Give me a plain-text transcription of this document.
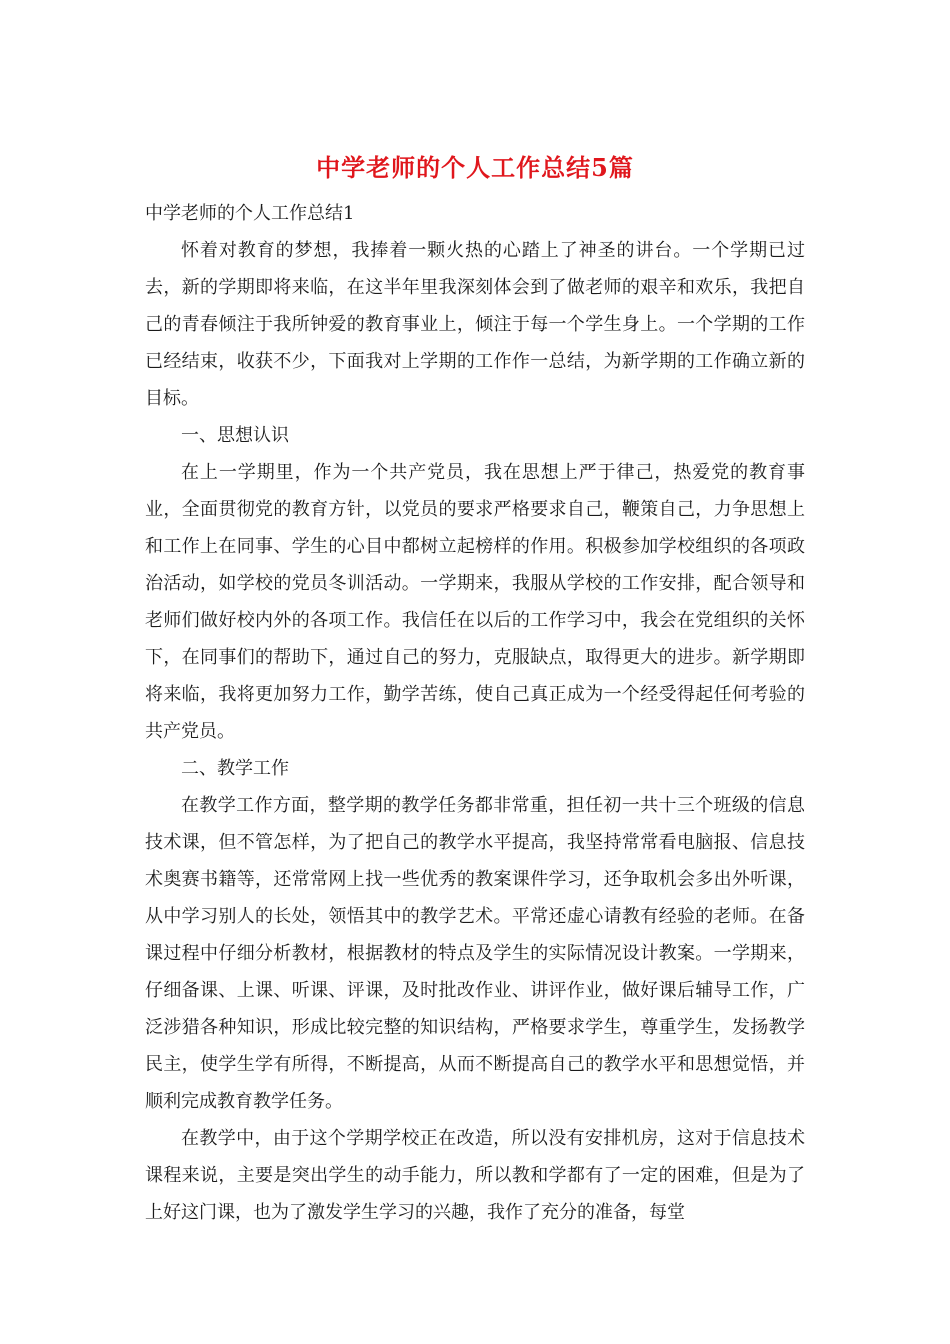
中学老师的个人工作总结5篇

中学老师的个人工作总结1

怀着对教育的梦想，我捧着一颗火热的心踏上了神圣的讲台。一个学期已过去，新的学期即将来临，在这半年里我深刻体会到了做老师的艰辛和欢乐，我把自己的青春倾注于我所钟爱的教育事业上，倾注于每一个学生身上。一个学期的工作已经结束，收获不少，下面我对上学期的工作作一总结，为新学期的工作确立新的目标。

一、思想认识

在上一学期里，作为一个共产党员，我在思想上严于律己，热爱党的教育事业，全面贯彻党的教育方针，以党员的要求严格要求自己，鞭策自己，力争思想上和工作上在同事、学生的心目中都树立起榜样的作用。积极参加学校组织的各项政治活动，如学校的党员冬训活动。一学期来，我服从学校的工作安排，配合领导和老师们做好校内外的各项工作。我信任在以后的工作学习中，我会在党组织的关怀下，在同事们的帮助下，通过自己的努力，克服缺点，取得更大的进步。新学期即将来临，我将更加努力工作，勤学苦练，使自己真正成为一个经受得起任何考验的共产党员。

二、教学工作

在教学工作方面，整学期的教学任务都非常重，担任初一共十三个班级的信息技术课，但不管怎样，为了把自己的教学水平提高，我坚持常常看电脑报、信息技术奥赛书籍等，还常常网上找一些优秀的教案课件学习，还争取机会多出外听课，从中学习别人的长处，领悟其中的教学艺术。平常还虚心请教有经验的老师。在备课过程中仔细分析教材，根据教材的特点及学生的实际情况设计教案。一学期来，仔细备课、上课、听课、评课，及时批改作业、讲评作业，做好课后辅导工作，广泛涉猎各种知识，形成比较完整的知识结构，严格要求学生，尊重学生，发扬教学民主，使学生学有所得，不断提高，从而不断提高自己的教学水平和思想觉悟，并顺利完成教育教学任务。

在教学中，由于这个学期学校正在改造，所以没有安排机房，这对于信息技术课程来说，主要是突出学生的动手能力，所以教和学都有了一定的困难，但是为了上好这门课，也为了激发学生学习的兴趣，我作了充分的准备，每堂
